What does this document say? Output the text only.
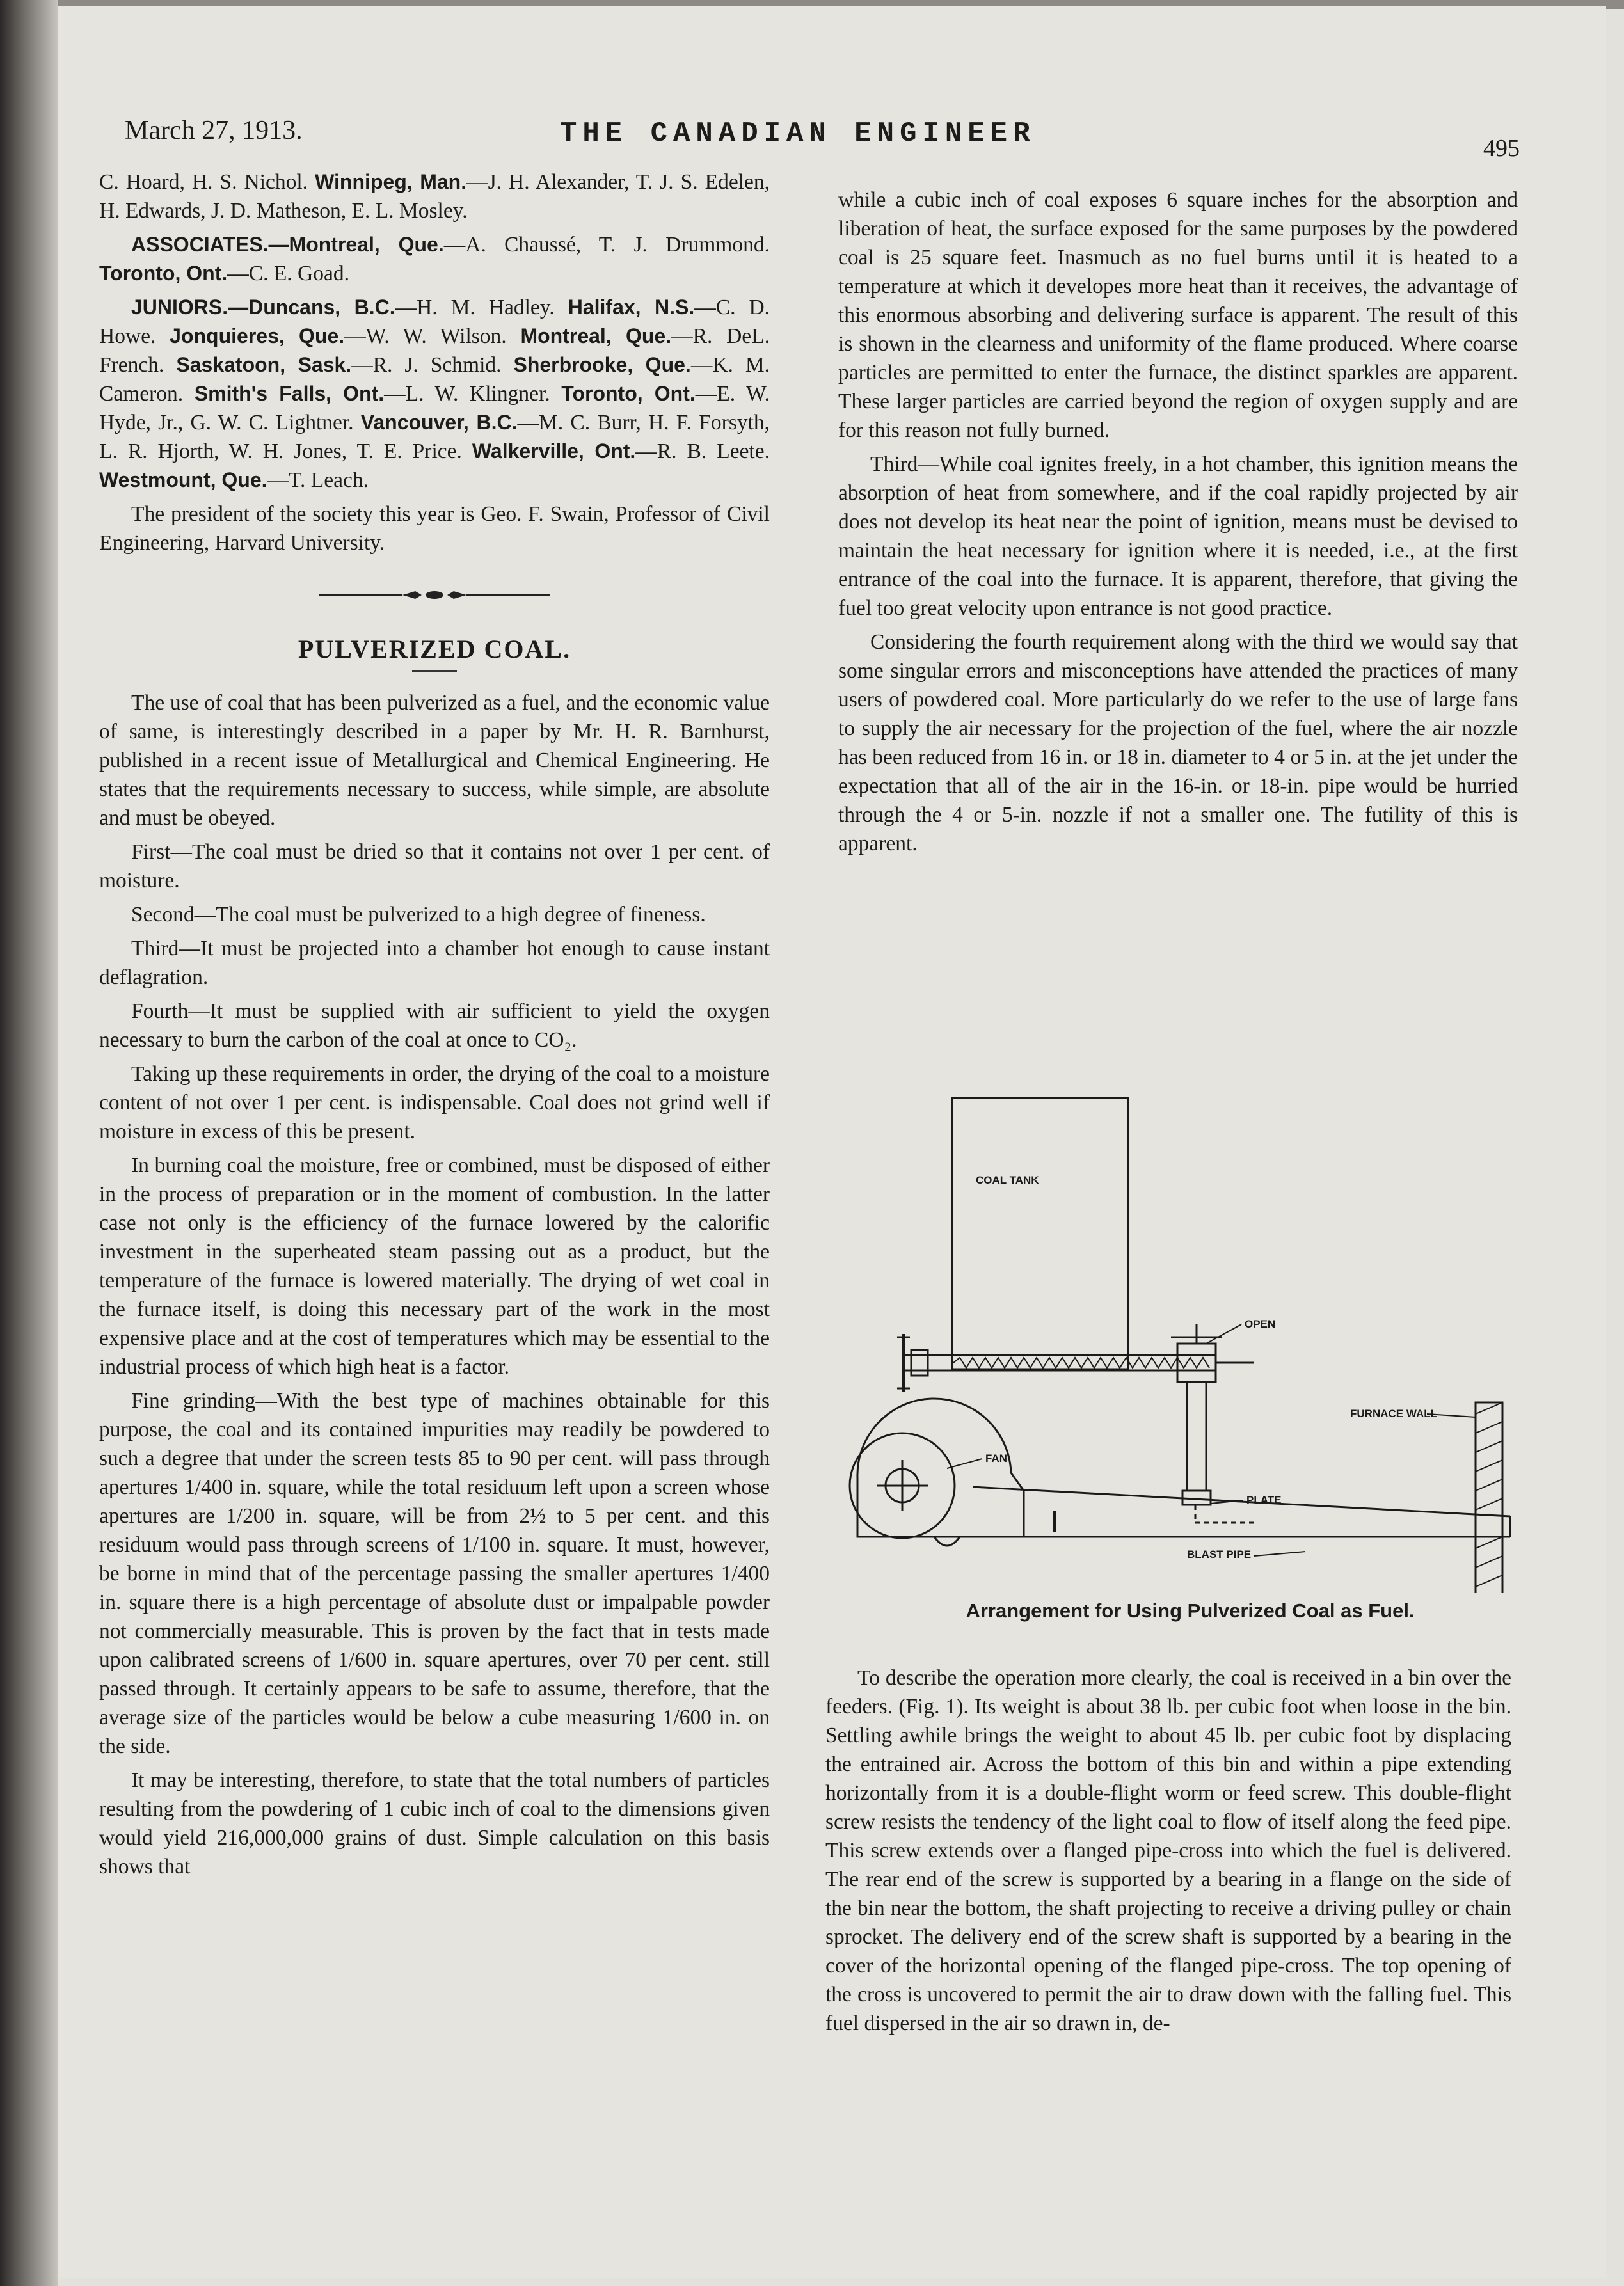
March 27, 1913.	THE CANADIAN ENGINEER	495

C. Hoard, H. S. Nichol. Winnipeg, Man.—J. H. Alexander, T. J. S. Edelen, H. Edwards, J. D. Matheson, E. L. Mosley.

ASSOCIATES.—Montreal, Que.—A. Chaussé, T. J. Drummond. Toronto, Ont.—C. E. Goad.

JUNIORS.—Duncans, B.C.—H. M. Hadley. Halifax, N.S.—C. D. Howe. Jonquieres, Que.—W. W. Wilson. Montreal, Que.—R. DeL. French. Saskatoon, Sask.—R. J. Schmid. Sherbrooke, Que.—K. M. Cameron. Smith's Falls, Ont.—L. W. Klingner. Toronto, Ont.—E. W. Hyde, Jr., G. W. C. Lightner. Vancouver, B.C.—M. C. Burr, H. F. Forsyth, L. R. Hjorth, W. H. Jones, T. E. Price. Walkerville, Ont.—R. B. Leete. Westmount, Que.—T. Leach.

The president of the society this year is Geo. F. Swain, Professor of Civil Engineering, Harvard University.

PULVERIZED COAL.

The use of coal that has been pulverized as a fuel, and the economic value of same, is interestingly described in a paper by Mr. H. R. Barnhurst, published in a recent issue of Metallurgical and Chemical Engineering. He states that the requirements necessary to success, while simple, are absolute and must be obeyed.

First—The coal must be dried so that it contains not over 1 per cent. of moisture.

Second—The coal must be pulverized to a high degree of fineness.

Third—It must be projected into a chamber hot enough to cause instant deflagration.

Fourth—It must be supplied with air sufficient to yield the oxygen necessary to burn the carbon of the coal at once to CO₂.

Taking up these requirements in order, the drying of the coal to a moisture content of not over 1 per cent. is indispensable. Coal does not grind well if moisture in excess of this be present.

In burning coal the moisture, free or combined, must be disposed of either in the process of preparation or in the moment of combustion. In the latter case not only is the efficiency of the furnace lowered by the calorific investment in the superheated steam passing out as a product, but the temperature of the furnace is lowered materially. The drying of wet coal in the furnace itself, is doing this necessary part of the work in the most expensive place and at the cost of temperatures which may be essential to the industrial process of which high heat is a factor.

Fine grinding—With the best type of machines obtainable for this purpose, the coal and its contained impurities may readily be powdered to such a degree that under the screen tests 85 to 90 per cent. will pass through apertures 1/400 in. square, while the total residuum left upon a screen whose apertures are 1/200 in. square, will be from 2½ to 5 per cent. and this residuum would pass through screens of 1/100 in. square. It must, however, be borne in mind that of the percentage passing the smaller apertures 1/400 in. square there is a high percentage of absolute dust or impalpable powder not commercially measurable. This is proven by the fact that in tests made upon calibrated screens of 1/600 in. square apertures, over 70 per cent. still passed through. It certainly appears to be safe to assume, therefore, that the average size of the particles would be below a cube measuring 1/600 in. on the side.

It may be interesting, therefore, to state that the total numbers of particles resulting from the powdering of 1 cubic inch of coal to the dimensions given would yield 216,000,000 grains of dust. Simple calculation on this basis shows that

while a cubic inch of coal exposes 6 square inches for the absorption and liberation of heat, the surface exposed for the same purposes by the powdered coal is 25 square feet. Inasmuch as no fuel burns until it is heated to a temperature at which it developes more heat than it receives, the advantage of this enormous absorbing and delivering surface is apparent. The result of this is shown in the clearness and uniformity of the flame produced. Where coarse particles are permitted to enter the furnace, the distinct sparkles are apparent. These larger particles are carried beyond the region of oxygen supply and are for this reason not fully burned.

Third—While coal ignites freely, in a hot chamber, this ignition means the absorption of heat from somewhere, and if the coal rapidly projected by air does not develop its heat near the point of ignition, means must be devised to maintain the heat necessary for ignition where it is needed, i.e., at the first entrance of the coal into the furnace. It is apparent, therefore, that giving the fuel too great velocity upon entrance is not good practice.

Considering the fourth requirement along with the third we would say that some singular errors and misconceptions have attended the practices of many users of powdered coal. More particularly do we refer to the use of large fans to supply the air necessary for the projection of the fuel, where the air nozzle has been reduced from 16 in. or 18 in. diameter to 4 or 5 in. at the jet under the expectation that all of the air in the 16-in. or 18-in. pipe would be hurried through the 4 or 5-in. nozzle if not a smaller one. The futility of this is apparent.

COAL TANK
OPEN
FURNACE WALL
FAN
PLATE
BLAST PIPE
Arrangement for Using Pulverized Coal as Fuel.

To describe the operation more clearly, the coal is received in a bin over the feeders. (Fig. 1). Its weight is about 38 lb. per cubic foot when loose in the bin. Settling awhile brings the weight to about 45 lb. per cubic foot by displacing the entrained air. Across the bottom of this bin and within a pipe extending horizontally from it is a double-flight worm or feed screw. This double-flight screw resists the tendency of the light coal to flow of itself along the feed pipe. This screw extends over a flanged pipe-cross into which the fuel is delivered. The rear end of the screw is supported by a bearing in a flange on the side of the bin near the bottom, the shaft projecting to receive a driving pulley or chain sprocket. The delivery end of the screw shaft is supported by a bearing in the cover of the horizontal opening of the flanged pipe-cross. The top opening of the cross is uncovered to permit the air to draw down with the falling fuel. This fuel dispersed in the air so drawn in, de-
